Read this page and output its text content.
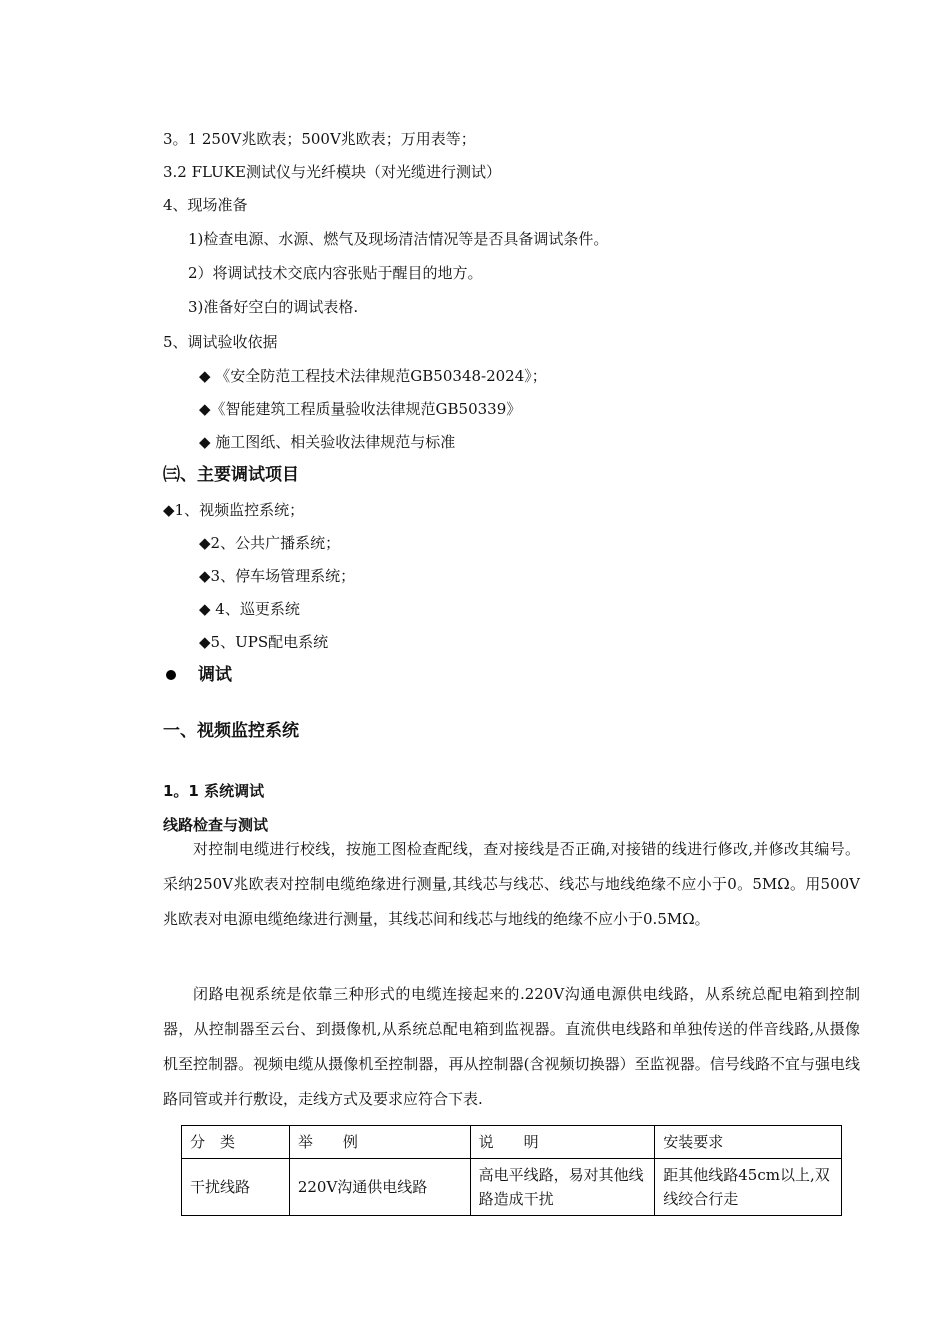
3。1 250V兆欧表；500V兆欧表；万用表等；
3.2 FLUKE测试仪与光纤模块（对光缆进行测试）
4、现场准备
1)检查电源、水源、燃气及现场清洁情况等是否具备调试条件。
2）将调试技术交底内容张贴于醒目的地方。
3)准备好空白的调试表格.
5、调试验收依据
◆ 《安全防范工程技术法律规范GB50348-2024》；
◆《智能建筑工程质量验收法律规范GB50339》
◆ 施工图纸、相关验收法律规范与标准
㈢、主要调试项目
◆1、视频监控系统；
◆2、公共广播系统；
◆3、停车场管理系统；
◆ 4、巡更系统
◆5、UPS配电系统
调试
一、视频监控系统
1。1 系统调试
线路检查与测试
对控制电缆进行校线，按施工图检查配线，查对接线是否正确,对接错的线进行修改,并修改其编号。采纳250V兆欧表对控制电缆绝缘进行测量,其线芯与线芯、线芯与地线绝缘不应小于0。5MΩ。用500V兆欧表对电源电缆绝缘进行测量，其线芯间和线芯与地线的绝缘不应小于0.5MΩ。
闭路电视系统是依靠三种形式的电缆连接起来的.220V沟通电源供电线路，从系统总配电箱到控制器，从控制器至云台、到摄像机,从系统总配电箱到监视器。直流供电线路和单独传送的伴音线路,从摄像机至控制器。视频电缆从摄像机至控制器，再从控制器(含视频切换器）至监视器。信号线路不宜与强电线路同管或并行敷设，走线方式及要求应符合下表.
分　类	举　　例	说　　明	安装要求
干扰线路	220V沟通供电线路	高电平线路，易对其他线路造成干扰	距其他线路45cm以上,双线绞合行走
